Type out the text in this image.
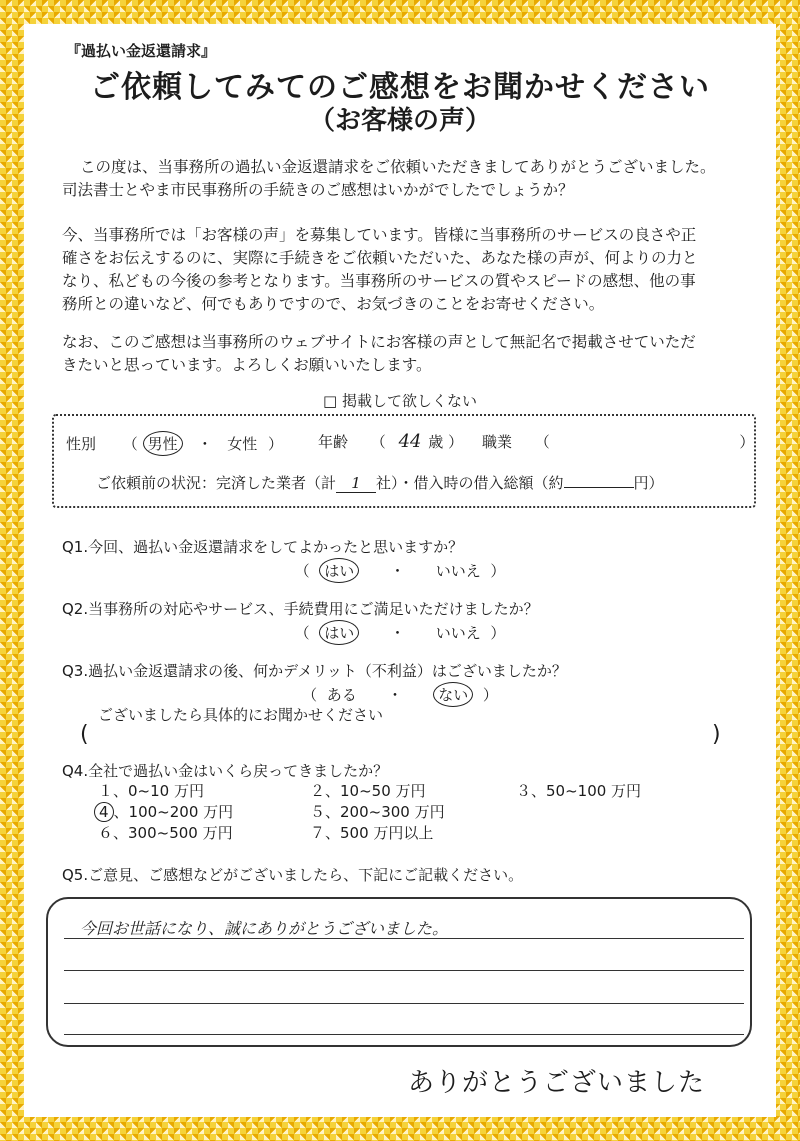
『過払い金返還請求』
ご依頼してみてのご感想をお聞かせください
（お客様の声）
この度は、当事務所の過払い金返還請求をご依頼いただきましてありがとうございました。
司法書士とやま市民事務所の手続きのご感想はいかがでしたでしょうか？
今、当事務所では「お客様の声」を募集しています。皆様に当事務所のサービスの良さや正
確さをお伝えするのに、実際に手続きをご依頼いただいた、あなた様の声が、何よりの力と
なり、私どもの今後の参考となります。当事務所のサービスの質やスピードの感想、他の事
務所との違いなど、何でもありですので、お気づきのことをお寄せください。
なお、このご感想は当事務所のウェブサイトにお客様の声として無記名で掲載させていただ
きたいと思っています。よろしくお願いいたします。
□ 掲載して欲しくない
性別 （ 男性 ・ 女性 ） 年齢 （ 44 歳 ） 職業 （	）
ご依頼前の状況：完済した業者（計 1 社）・借入時の借入総額（約	円）
Q1.今回、過払い金返還請求をしてよかったと思いますか？
（  はい ・ いいえ  ）
Q2.当事務所の対応やサービス、手続費用にご満足いただけましたか？
（  はい ・ いいえ  ）
Q3.過払い金返還請求の後、何かデメリット（不利益）はございましたか？
（  ある ・ ない  ）
ございましたら具体的にお聞かせください
(	)
Q4.全社で過払い金はいくら戻ってきましたか？
１、0~10 万円	２、10~50 万円	３、50~100 万円
4 、100~200 万円	５、200~300 万円
６、300~500 万円	７、500 万円以上
Q5.ご意見、ご感想などがございましたら、下記にご記載ください。
今回お世話になり、誠にありがとうございました。
ありがとうございました
